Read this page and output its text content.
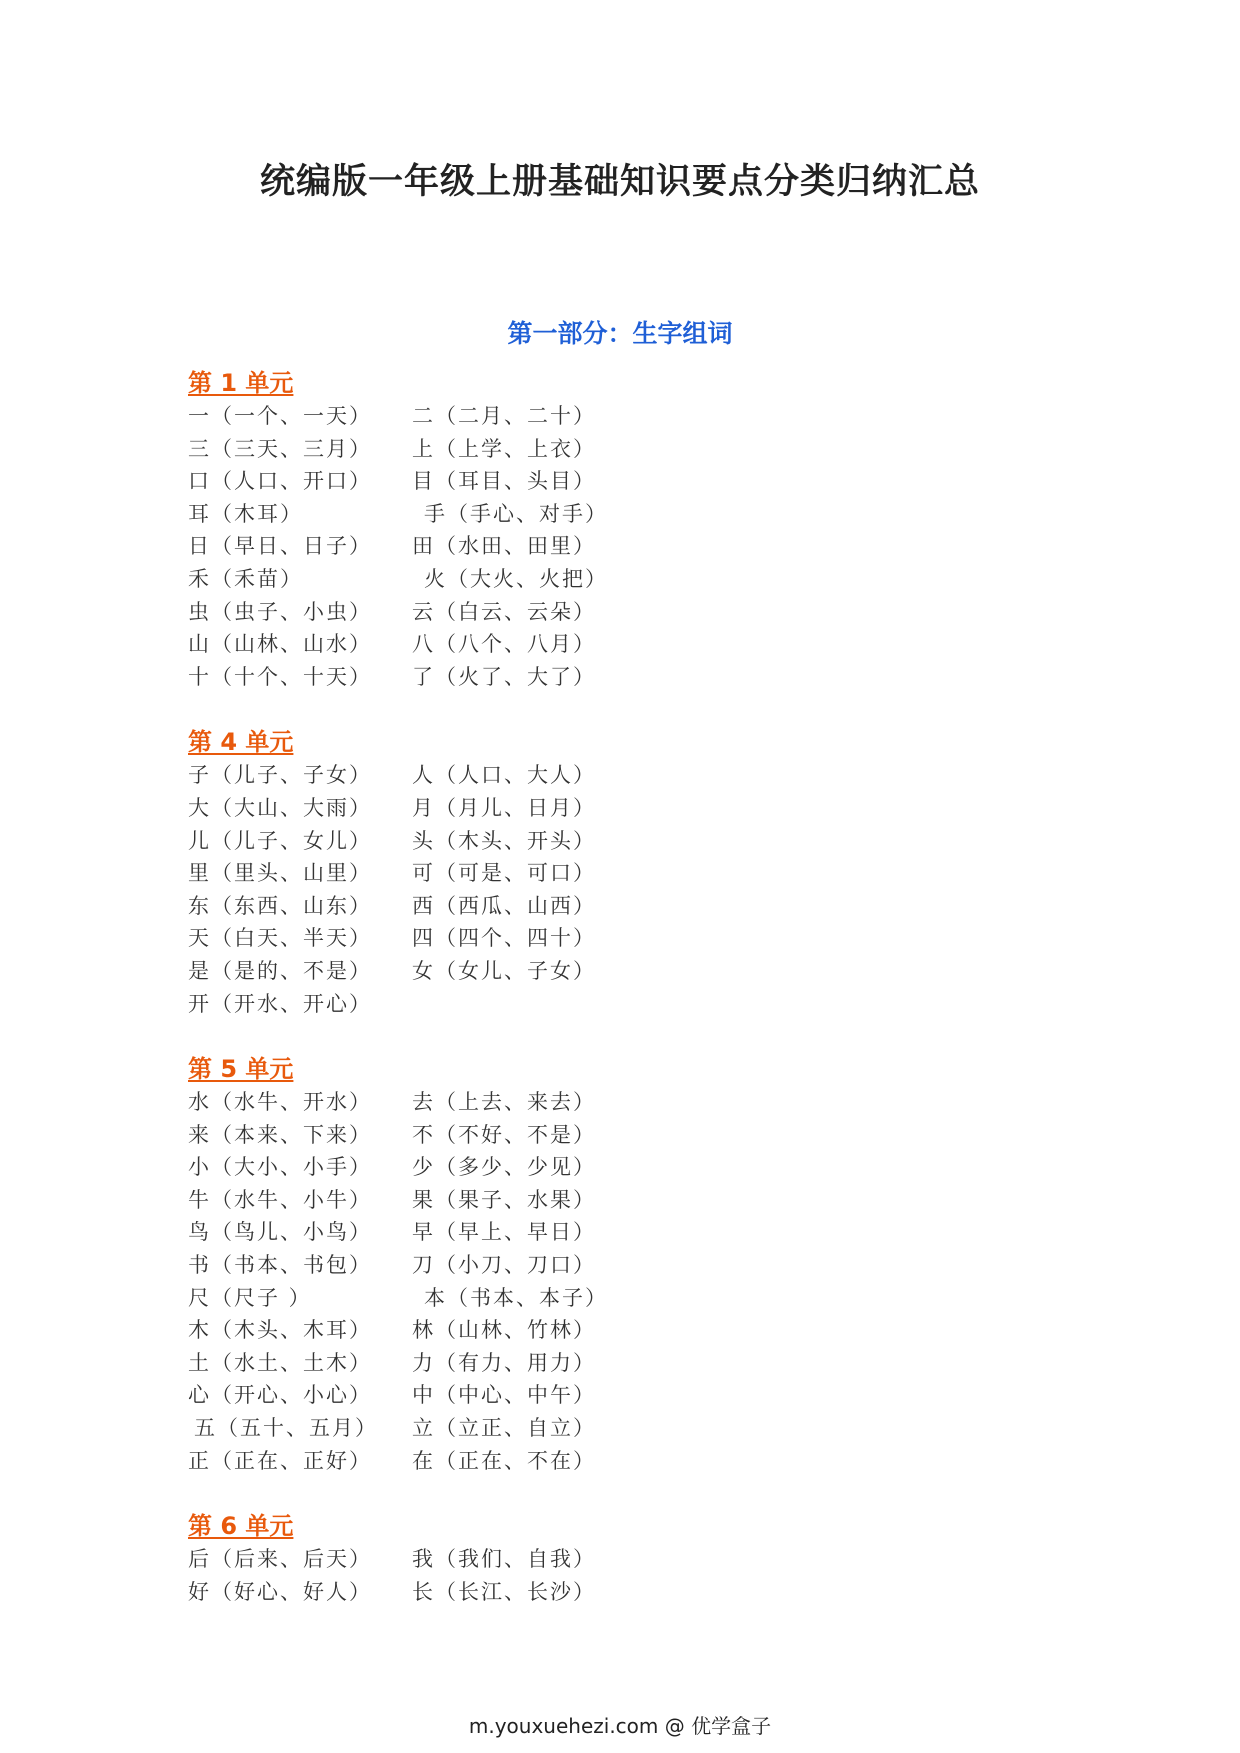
统编版一年级上册基础知识要点分类归纳汇总
第一部分：生字组词
第 1 单元
一（一个、一天）	二（二月、二十）
三（三天、三月）	上（上学、上衣）
口（人口、开口）	目（耳目、头目）
耳（木耳）	手（手心、对手）
日（早日、日子）	田（水田、田里）
禾（禾苗）	火（大火、火把）
虫（虫子、小虫）	云（白云、云朵）
山（山林、山水）	八（八个、八月）
十（十个、十天）	了（火了、大了）
第 4 单元
子（儿子、子女）	人（人口、大人）
大（大山、大雨）	月（月儿、日月）
儿（儿子、女儿）	头（木头、开头）
里（里头、山里）	可（可是、可口）
东（东西、山东）	西（西瓜、山西）
天（白天、半天）	四（四个、四十）
是（是的、不是）	女（女儿、子女）
开（开水、开心）
第 5 单元
水（水牛、开水）	去（上去、来去）
来（本来、下来）	不（不好、不是）
小（大小、小手）	少（多少、少见）
牛（水牛、小牛）	果（果子、水果）
鸟（鸟儿、小鸟）	早（早上、早日）
书（书本、书包）	刀（小刀、刀口）
尺（尺子 ）	本（书本、本子）
木（木头、木耳）	林（山林、竹林）
土（水土、土木）	力（有力、用力）
心（开心、小心）	中（中心、中午）
五（五十、五月）	立（立正、自立）
正（正在、正好）	在（正在、不在）
第 6 单元
后（后来、后天）	我（我们、自我）
好（好心、好人）	长（长江、长沙）
m.youxuehezi.com @ 优学盒子
